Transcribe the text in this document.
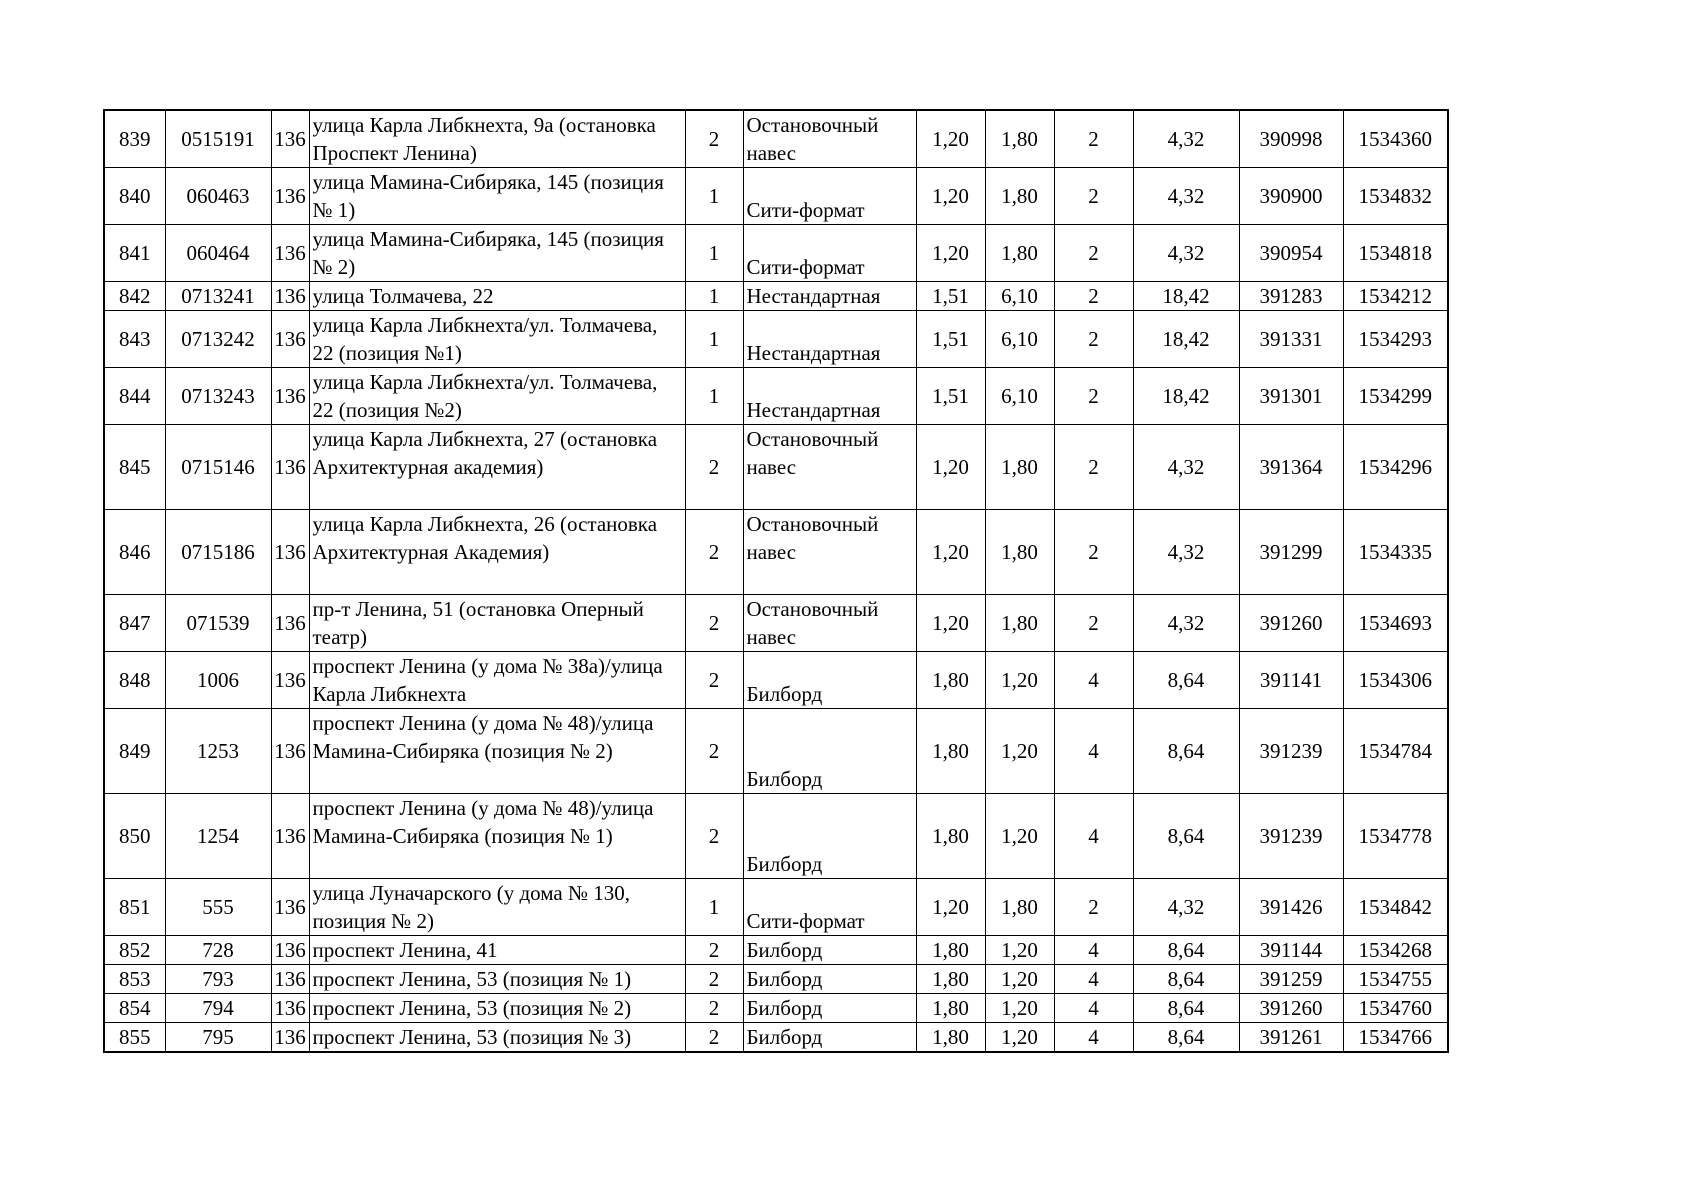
839	0515191	136	улица Карла Либкнехта, 9а (остановка Проспект Ленина)	2	Остановочный навес	1,20	1,80	2	4,32	390998	1534360
840	060463	136	улица Мамина-Сибиряка, 145 (позиция № 1)	1	Сити-формат	1,20	1,80	2	4,32	390900	1534832
841	060464	136	улица Мамина-Сибиряка, 145 (позиция № 2)	1	Сити-формат	1,20	1,80	2	4,32	390954	1534818
842	0713241	136	улица Толмачева, 22	1	Нестандартная	1,51	6,10	2	18,42	391283	1534212
843	0713242	136	улица Карла Либкнехта/ул. Толмачева, 22 (позиция №1)	1	Нестандартная	1,51	6,10	2	18,42	391331	1534293
844	0713243	136	улица Карла Либкнехта/ул. Толмачева, 22 (позиция №2)	1	Нестандартная	1,51	6,10	2	18,42	391301	1534299
845	0715146	136	улица Карла Либкнехта, 27 (остановка Архитектурная академия)	2	Остановочный навес	1,20	1,80	2	4,32	391364	1534296
846	0715186	136	улица Карла Либкнехта, 26 (остановка Архитектурная Академия)	2	Остановочный навес	1,20	1,80	2	4,32	391299	1534335
847	071539	136	пр-т Ленина, 51 (остановка Оперный театр)	2	Остановочный навес	1,20	1,80	2	4,32	391260	1534693
848	1006	136	проспект Ленина (у дома № 38а)/улица Карла Либкнехта	2	Билборд	1,80	1,20	4	8,64	391141	1534306
849	1253	136	проспект Ленина (у дома № 48)/улица Мамина-Сибиряка (позиция № 2)	2	Билборд	1,80	1,20	4	8,64	391239	1534784
850	1254	136	проспект Ленина (у дома № 48)/улица Мамина-Сибиряка (позиция № 1)	2	Билборд	1,80	1,20	4	8,64	391239	1534778
851	555	136	улица Луначарского (у дома № 130, позиция № 2)	1	Сити-формат	1,20	1,80	2	4,32	391426	1534842
852	728	136	проспект Ленина, 41	2	Билборд	1,80	1,20	4	8,64	391144	1534268
853	793	136	проспект Ленина, 53 (позиция № 1)	2	Билборд	1,80	1,20	4	8,64	391259	1534755
854	794	136	проспект Ленина, 53 (позиция № 2)	2	Билборд	1,80	1,20	4	8,64	391260	1534760
855	795	136	проспект Ленина, 53 (позиция № 3)	2	Билборд	1,80	1,20	4	8,64	391261	1534766
